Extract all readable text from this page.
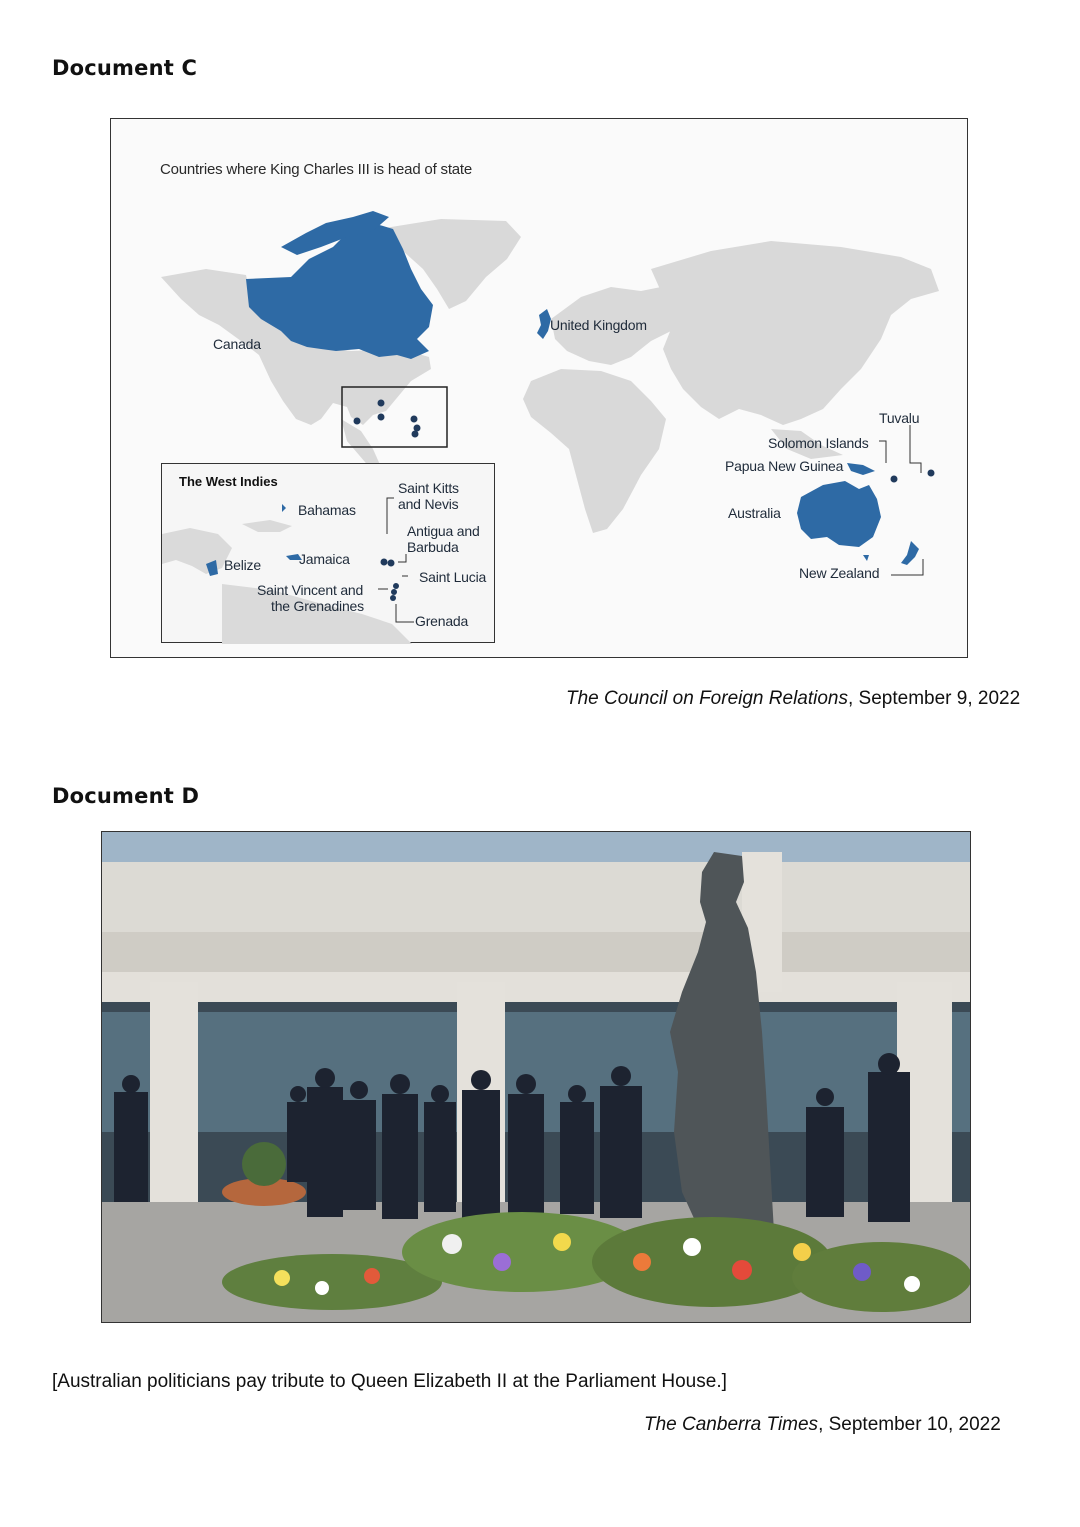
Document C
Countries where King Charles III is head of state
Canada
United Kingdom
Tuvalu
Solomon Islands
Papua New Guinea
Australia
New Zealand
The West Indies
Bahamas
Saint Kitts
and Nevis
Antigua and
Barbuda
Belize	Jamaica
Saint Lucia
Saint Vincent and
the Grenadines
Grenada
The Council on Foreign Relations, September 9, 2022
Document D
[Australian politicians pay tribute to Queen Elizabeth II at the Parliament House.]
The Canberra Times, September 10, 2022
